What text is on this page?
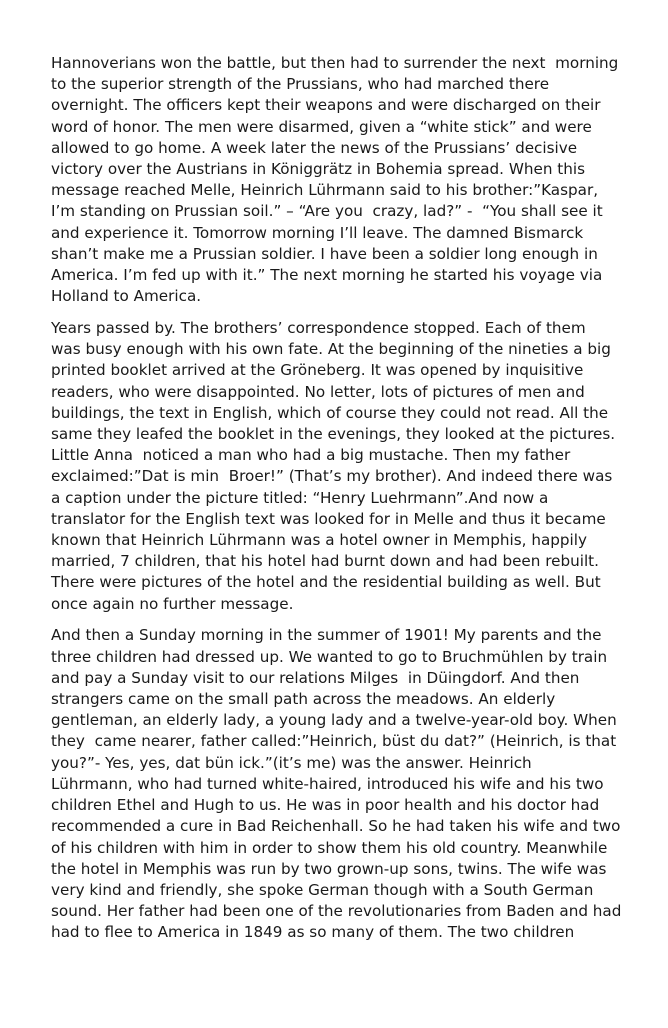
Hannoverians won the battle, but then had to surrender the next  morning
to the superior strength of the Prussians, who had marched there
overnight. The officers kept their weapons and were discharged on their
word of honor. The men were disarmed, given a “white stick” and were
allowed to go home. A week later the news of the Prussians’ decisive
victory over the Austrians in Königgrätz in Bohemia spread. When this
message reached Melle, Heinrich Lührmann said to his brother:”Kaspar,
I’m standing on Prussian soil.” – “Are you  crazy, lad?” -  “You shall see it
and experience it. Tomorrow morning I’ll leave. The damned Bismarck
shan’t make me a Prussian soldier. I have been a soldier long enough in
America. I’m fed up with it.” The next morning he started his voyage via
Holland to America.
Years passed by. The brothers’ correspondence stopped. Each of them
was busy enough with his own fate. At the beginning of the nineties a big
printed booklet arrived at the Gröneberg. It was opened by inquisitive
readers, who were disappointed. No letter, lots of pictures of men and
buildings, the text in English, which of course they could not read. All the
same they leafed the booklet in the evenings, they looked at the pictures.
Little Anna  noticed a man who had a big mustache. Then my father
exclaimed:”Dat is min  Broer!” (That’s my brother). And indeed there was
a caption under the picture titled: “Henry Luehrmann”.And now a
translator for the English text was looked for in Melle and thus it became
known that Heinrich Lührmann was a hotel owner in Memphis, happily
married, 7 children, that his hotel had burnt down and had been rebuilt.
There were pictures of the hotel and the residential building as well. But
once again no further message.
And then a Sunday morning in the summer of 1901! My parents and the
three children had dressed up. We wanted to go to Bruchmühlen by train
and pay a Sunday visit to our relations Milges  in Düingdorf. And then
strangers came on the small path across the meadows. An elderly
gentleman, an elderly lady, a young lady and a twelve-year-old boy. When
they  came nearer, father called:”Heinrich, büst du dat?” (Heinrich, is that
you?”- Yes, yes, dat bün ick.”(it’s me) was the answer. Heinrich
Lührmann, who had turned white-haired, introduced his wife and his two
children Ethel and Hugh to us. He was in poor health and his doctor had
recommended a cure in Bad Reichenhall. So he had taken his wife and two
of his children with him in order to show them his old country. Meanwhile
the hotel in Memphis was run by two grown-up sons, twins. The wife was
very kind and friendly, she spoke German though with a South German
sound. Her father had been one of the revolutionaries from Baden and had
had to flee to America in 1849 as so many of them. The two children
